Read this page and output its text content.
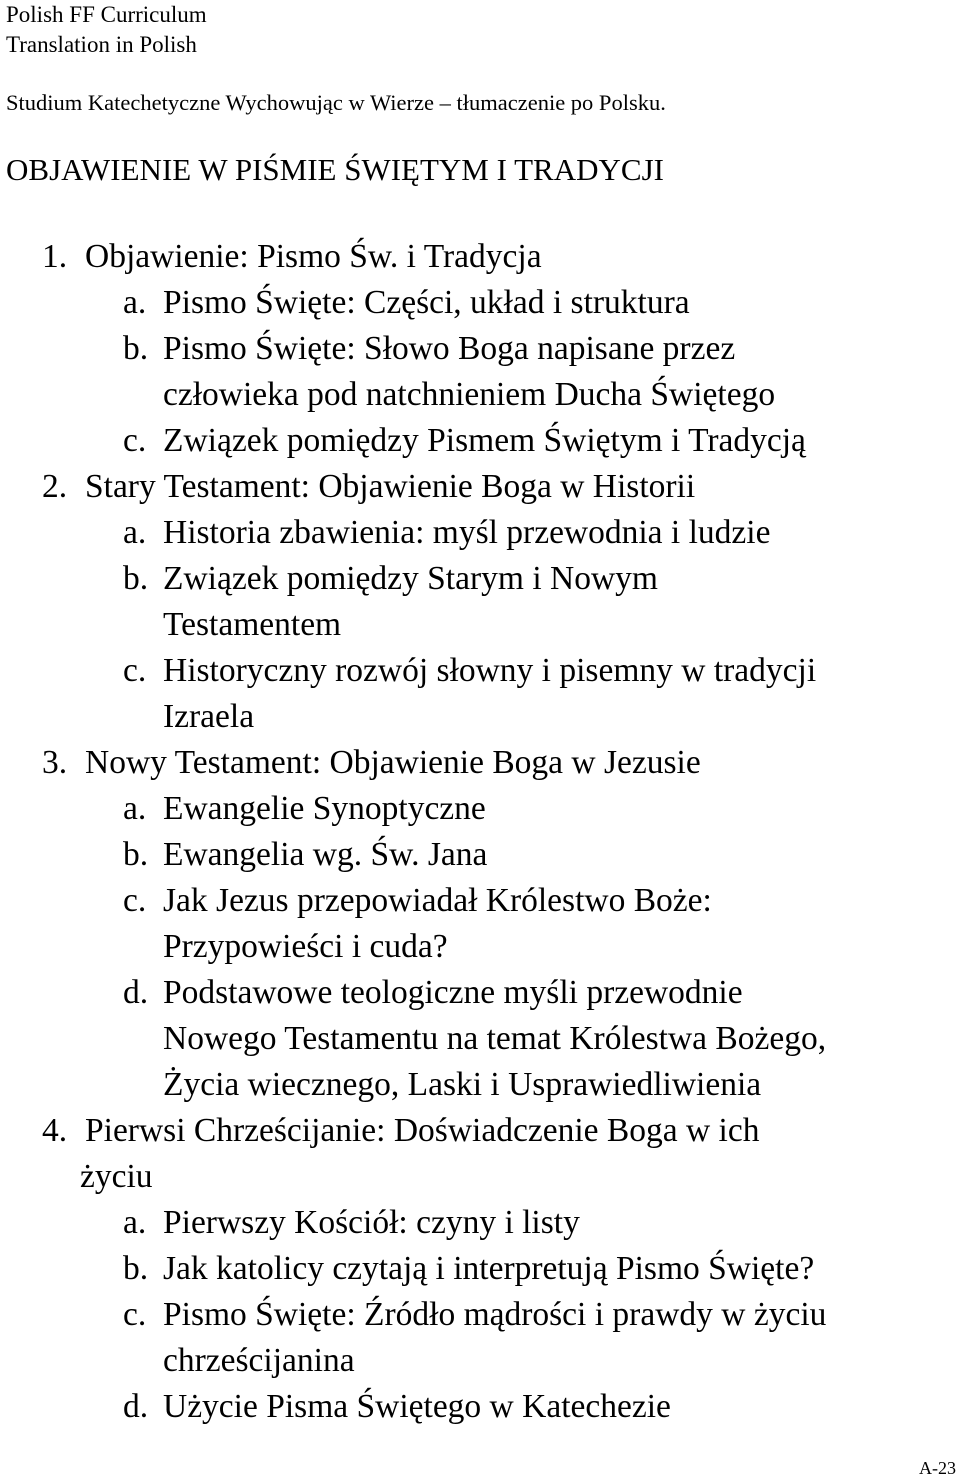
Polish FF Curriculum
Translation in Polish
Studium Katechetyczne Wychowując w Wierze – tłumaczenie po Polsku.
OBJAWIENIE W PIŚMIE ŚWIĘTYM I TRADYCJI
1. Objawienie: Pismo Św. i Tradycja
a. Pismo Święte: Części, układ i struktura
b. Pismo Święte: Słowo Boga napisane przez
człowieka pod natchnieniem Ducha Świętego
c. Związek pomiędzy Pismem Świętym i Tradycją
2. Stary Testament: Objawienie Boga w Historii
a. Historia zbawienia: myśl przewodnia i ludzie
b. Związek pomiędzy Starym i Nowym
Testamentem
c. Historyczny rozwój słowny i pisemny w tradycji
Izraela
3. Nowy Testament: Objawienie Boga w Jezusie
a. Ewangelie Synoptyczne
b. Ewangelia wg. Św. Jana
c. Jak Jezus przepowiadał Królestwo Boże:
Przypowieści i cuda?
d. Podstawowe teologiczne myśli przewodnie
Nowego Testamentu na temat Królestwa Bożego,
Życia wiecznego, Laski i Usprawiedliwienia
4. Pierwsi Chrześcijanie: Doświadczenie Boga w ich
życiu
a. Pierwszy Kościół: czyny i listy
b. Jak katolicy czytają i interpretują Pismo Święte?
c. Pismo Święte: Źródło mądrości i prawdy w życiu
chrześcijanina
d. Użycie Pisma Świętego w Katechezie
A-23
